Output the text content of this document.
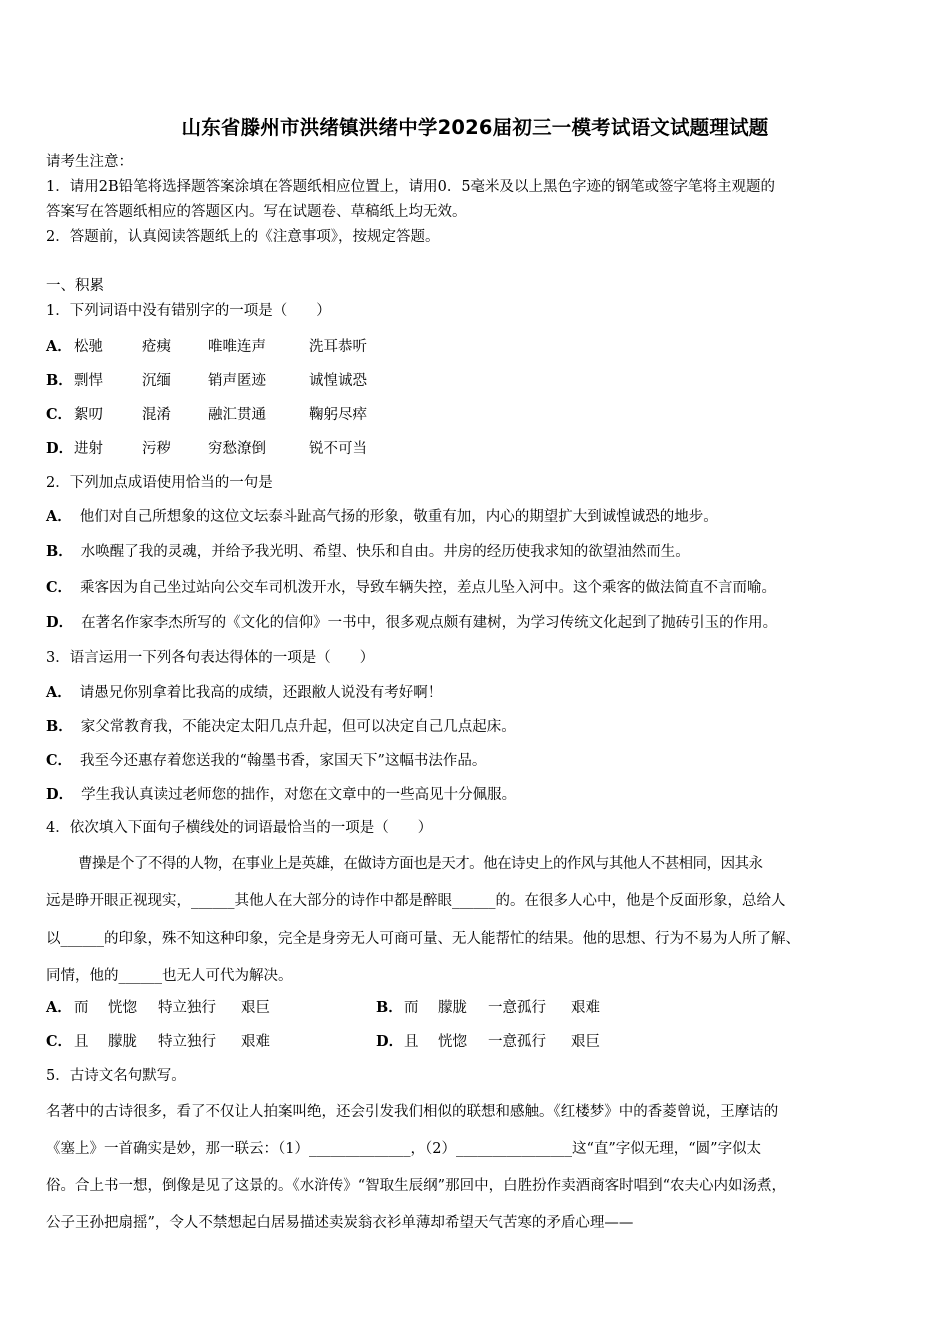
山东省滕州市洪绪镇洪绪中学2026届初三一模考试语文试题理试题
请考生注意：
1．请用2B铅笔将选择题答案涂填在答题纸相应位置上，请用0．5毫米及以上黑色字迹的钢笔或签字笔将主观题的
答案写在答题纸相应的答题区内。写在试题卷、草稿纸上均无效。
2．答题前，认真阅读答题纸上的《注意事项》，按规定答题。
一、积累
1．下列词语中没有错别字的一项是（　　）
A． 松驰	疮痍	唯唯连声	洗耳恭听
B． 剽悍	沉缅	销声匿迹	诚惶诚恐
C． 絮叨	混淆	融汇贯通	鞠躬尽瘁
D． 进射	污秽	穷愁潦倒	锐不可当
2．下列加点成语使用恰当的一句是
A． 他们对自己所想象的这位文坛泰斗趾高气扬的形象，敬重有加，内心的期望扩大到诚惶诚恐的地步。
B． 水唤醒了我的灵魂，并给予我光明、希望、快乐和自由。井房的经历使我求知的欲望油然而生。
C． 乘客因为自己坐过站向公交车司机泼开水，导致车辆失控，差点儿坠入河中。这个乘客的做法简直不言而喻。
D． 在著名作家李杰所写的《文化的信仰》一书中，很多观点颇有建树，为学习传统文化起到了抛砖引玉的作用。
3．语言运用一下列各句表达得体的一项是（　　）
A． 请愚兄你别拿着比我高的成绩，还跟敝人说没有考好啊！
B． 家父常教育我，不能决定太阳几点升起，但可以决定自己几点起床。
C． 我至今还惠存着您送我的“翰墨书香，家国天下”这幅书法作品。
D． 学生我认真读过老师您的拙作，对您在文章中的一些高见十分佩服。
4．依次填入下面句子横线处的词语最恰当的一项是（　　）
曹操是个了不得的人物，在事业上是英雄，在做诗方面也是天才。他在诗史上的作风与其他人不甚相同，因其永
远是睁开眼正视现实，______其他人在大部分的诗作中都是醉眼______的。在很多人心中，他是个反面形象，总给人
以______的印象，殊不知这种印象，完全是身旁无人可商可量、无人能帮忙的结果。他的思想、行为不易为人所了解、
同情，他的______也无人可代为解决。
A． 而 恍惚 特立独行 艰巨	B． 而 朦胧 一意孤行 艰难
C． 且 朦胧 特立独行 艰难	D． 且 恍惚 一意孤行 艰巨
5．古诗文名句默写。
名著中的古诗很多，看了不仅让人拍案叫绝，还会引发我们相似的联想和感触。《红楼梦》中的香菱曾说，王摩诘的
《塞上》一首确实是妙，那一联云：（1）______________，（2）________________这“直”字似无理，“圆”字似太
俗。合上书一想，倒像是见了这景的。《水浒传》“智取生辰纲”那回中，白胜扮作卖酒商客时唱到“农夫心内如汤煮，
公子王孙把扇摇”，令人不禁想起白居易描述卖炭翁衣衫单薄却希望天气苦寒的矛盾心理——
